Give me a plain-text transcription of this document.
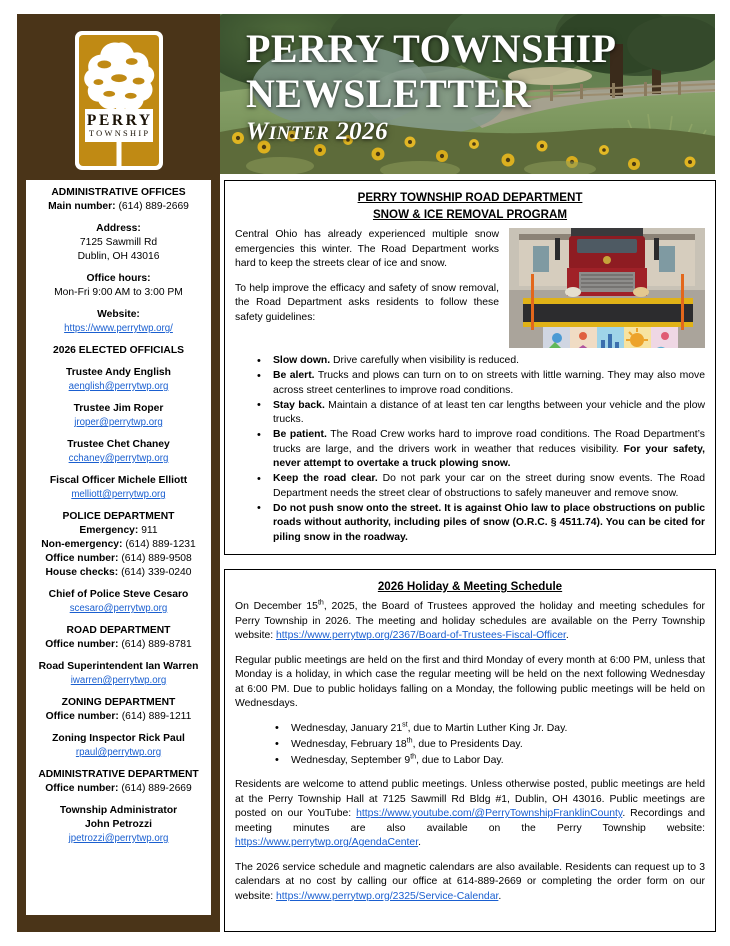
PERRY
TOWNSHIP
ADMINISTRATIVE OFFICES
Main number: (614) 889-2669
Address:
7125 Sawmill Rd
Dublin, OH 43016
Office hours:
Mon-Fri 9:00 AM to 3:00 PM
Website:
https://www.perrytwp.org/
2026 ELECTED OFFICIALS
Trustee Andy English
aenglish@perrytwp.org
Trustee Jim Roper
jroper@perrytwp.org
Trustee Chet Chaney
cchaney@perrytwp.org
Fiscal Officer Michele Elliott
melliott@perrytwp.org
POLICE DEPARTMENT
Emergency: 911
Non-emergency: (614) 889-1231
Office number: (614) 889-9508
House checks: (614) 339-0240
Chief of Police Steve Cesaro
scesaro@perrytwp.org
ROAD DEPARTMENT
Office number: (614) 889-8781
Road Superintendent Ian Warren
iwarren@perrytwp.org
ZONING DEPARTMENT
Office number: (614) 889-1211
Zoning Inspector Rick Paul
rpaul@perrytwp.org
ADMINISTRATIVE DEPARTMENT
Office number: (614) 889-2669
Township Administrator
John Petrozzi
jpetrozzi@perrytwp.org
PERRY TOWNSHIP
NEWSLETTER
WINTER 2026
PERRY TOWNSHIP ROAD DEPARTMENT
SNOW & ICE REMOVAL PROGRAM

Central Ohio has already experienced multiple snow emergencies this winter. The Road Department works hard to keep the streets clear of ice and snow.

To help improve the efficacy and safety of snow removal, the Road Department asks residents to follow these safety guidelines:

• Slow down. Drive carefully when visibility is reduced.
• Be alert. Trucks and plows can turn on to on streets with little warning. They may also move across street centerlines to improve road conditions.
• Stay back. Maintain a distance of at least ten car lengths between your vehicle and the plow trucks.
• Be patient. The Road Crew works hard to improve road conditions. The Road Department’s trucks are large, and the drivers work in weather that reduces visibility. For your safety, never attempt to overtake a truck plowing snow.
• Keep the road clear. Do not park your car on the street during snow events. The Road Department needs the street clear of obstructions to safely maneuver and remove snow.
• Do not push snow onto the street. It is against Ohio law to place obstructions on public roads without authority, including piles of snow (O.R.C. § 4511.74). You can be cited for piling snow in the roadway.
2026 Holiday & Meeting Schedule

On December 15th, 2025, the Board of Trustees approved the holiday and meeting schedules for Perry Township in 2026. The meeting and holiday schedules are available on the Perry Township website: https://www.perrytwp.org/2367/Board-of-Trustees-Fiscal-Officer.

Regular public meetings are held on the first and third Monday of every month at 6:00 PM, unless that Monday is a holiday, in which case the regular meeting will be held on the next following Wednesday at 6:00 PM. Due to public holidays falling on a Monday, the following public meetings will be held on Wednesdays.

• Wednesday, January 21st, due to Martin Luther King Jr. Day.
• Wednesday, February 18th, due to Presidents Day.
• Wednesday, September 9th, due to Labor Day.

Residents are welcome to attend public meetings. Unless otherwise posted, public meetings are held at the Perry Township Hall at 7125 Sawmill Rd Bldg #1, Dublin, OH 43016. Public meetings are posted on our YouTube: https://www.youtube.com/@PerryTownshipFranklinCounty. Recordings and meeting minutes are also available on the Perry Township website: https://www.perrytwp.org/AgendaCenter.

The 2026 service schedule and magnetic calendars are also available. Residents can request up to 3 calendars at no cost by calling our office at 614-889-2669 or completing the order form on our website: https://www.perrytwp.org/2325/Service-Calendar.
